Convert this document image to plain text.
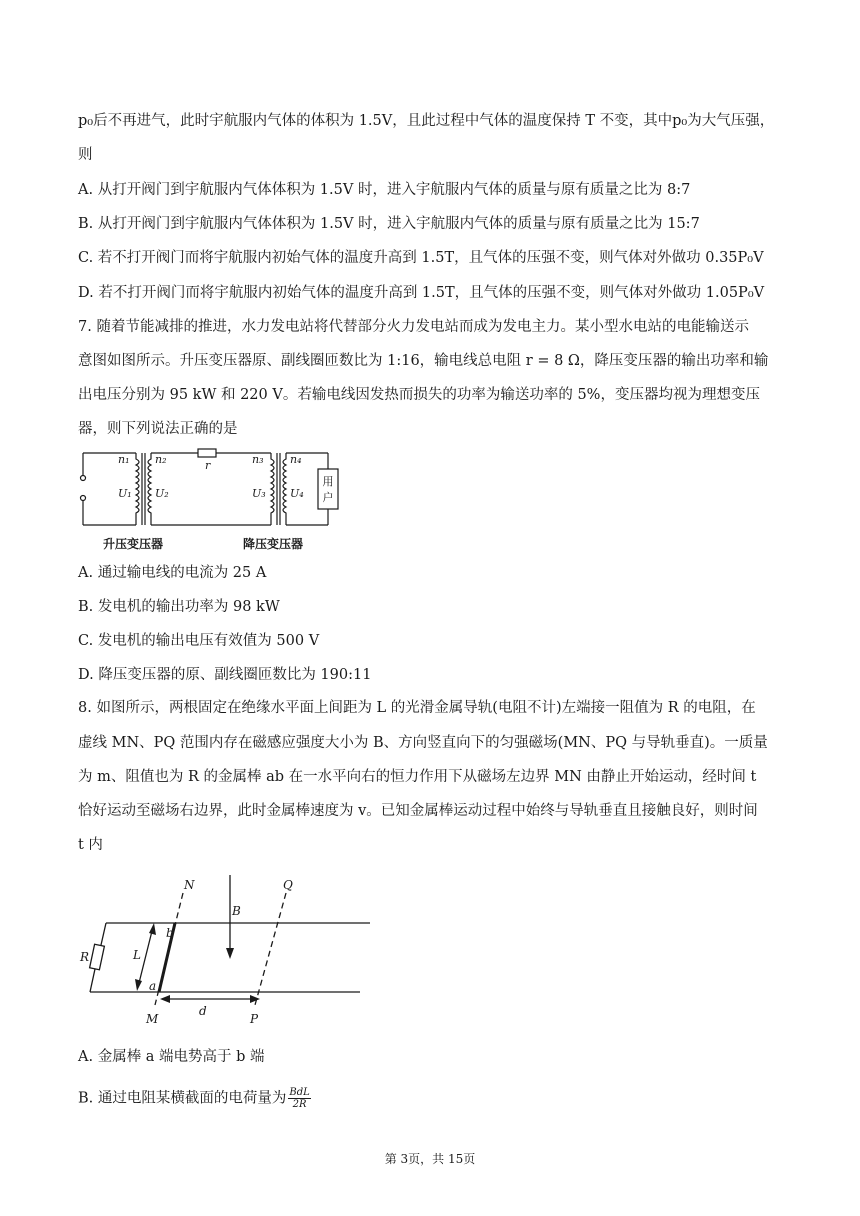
p₀后不再进气，此时宇航服内气体的体积为 1.5V，且此过程中气体的温度保持 T 不变，其中p₀为大气压强，
则
A. 从打开阀门到宇航服内气体体积为 1.5V 时，进入宇航服内气体的质量与原有质量之比为 8:7
B. 从打开阀门到宇航服内气体体积为 1.5V 时，进入宇航服内气体的质量与原有质量之比为 15:7
C. 若不打开阀门而将宇航服内初始气体的温度升高到 1.5T，且气体的压强不变，则气体对外做功 0.35P₀V
D. 若不打开阀门而将宇航服内初始气体的温度升高到 1.5T，且气体的压强不变，则气体对外做功 1.05P₀V
7. 随着节能减排的推进，水力发电站将代替部分火力发电站而成为发电主力。某小型水电站的电能输送示
意图如图所示。升压变压器原、副线圈匝数比为 1:16，输电线总电阻 r = 8 Ω，降压变压器的输出功率和输
出电压分别为 95 kW 和 220 V。若输电线因发热而损失的功率为输送功率的 5%，变压器均视为理想变压
器，则下列说法正确的是
n₁
U₁
n₂
U₂
r	n₃
U₃
n₄
U₄
用
户
升压变压器	降压变压器
A. 通过输电线的电流为 25 A
B. 发电机的输出功率为 98 kW
C. 发电机的输出电压有效值为 500 V
D. 降压变压器的原、副线圈匝数比为 190:11
8. 如图所示，两根固定在绝缘水平面上间距为 L 的光滑金属导轨(电阻不计)左端接一阻值为 R 的电阻，在
虚线 MN、PQ 范围内存在磁感应强度大小为 B、方向竖直向下的匀强磁场(MN、PQ 与导轨垂直)。一质量
为 m、阻值也为 R 的金属棒 ab 在一水平向右的恒力作用下从磁场左边界 MN 由静止开始运动，经时间 t
恰好运动至磁场右边界，此时金属棒速度为 v。已知金属棒运动过程中始终与导轨垂直且接触良好，则时间
t 内
N	Q
B
R	L
b
a
M
d
P
A. 金属棒 a 端电势高于 b 端
B. 通过电阻某横截面的电荷量为 $\frac{\text{BdL}}{2R}$
第 3页，共 15页
